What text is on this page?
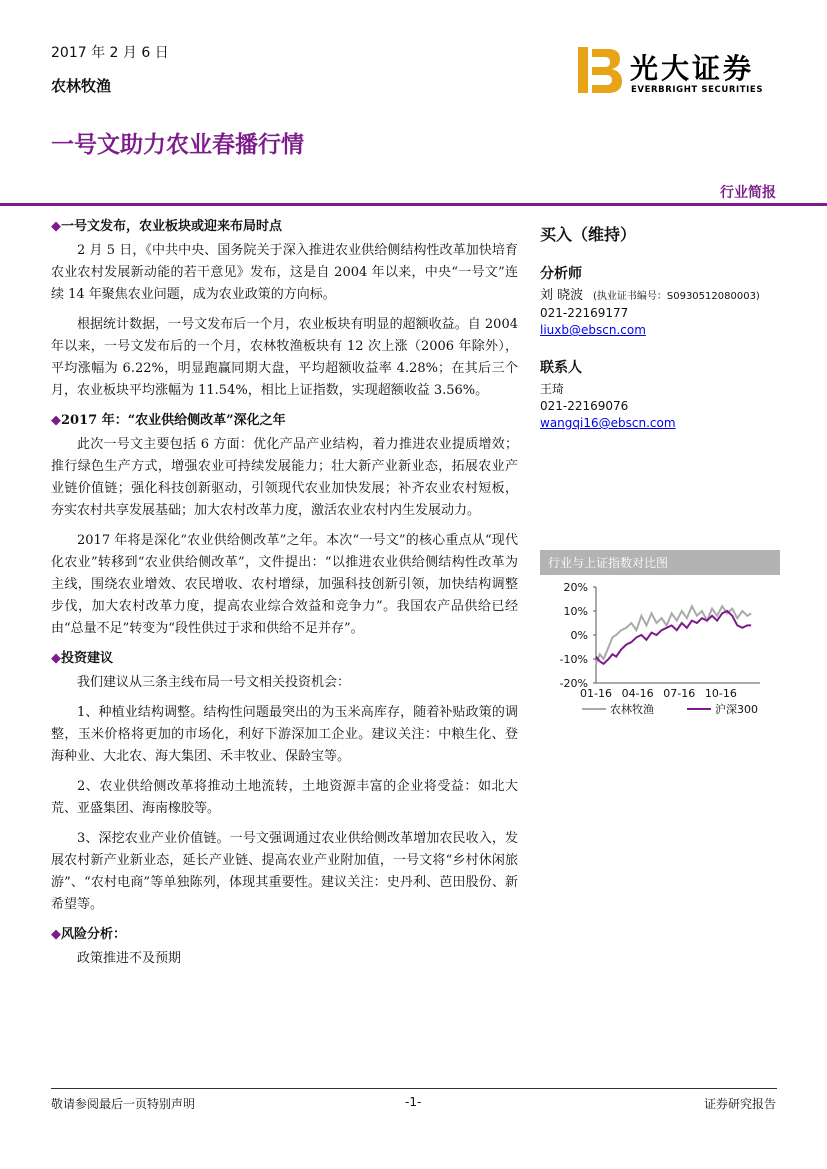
2017 年 2 月 6 日
农林牧渔
光大证券
EVERBRIGHT SECURITIES
一号文助力农业春播行情
行业简报
◆一号文发布，农业板块或迎来布局时点

2 月 5 日，《中共中央、国务院关于深入推进农业供给侧结构性改革加快培育农业农村发展新动能的若干意见》发布，这是自 2004 年以来，中央“一号文”连续 14 年聚焦农业问题，成为农业政策的方向标。

根据统计数据，一号文发布后一个月，农业板块有明显的超额收益。自 2004 年以来，一号文发布后的一个月，农林牧渔板块有 12 次上涨（2006 年除外），平均涨幅为 6.22%，明显跑赢同期大盘，平均超额收益率 4.28%；在其后三个月，农业板块平均涨幅为 11.54%，相比上证指数，实现超额收益 3.56%。

◆2017 年：“农业供给侧改革”深化之年

此次一号文主要包括 6 方面：优化产品产业结构，着力推进农业提质增效；推行绿色生产方式，增强农业可持续发展能力；壮大新产业新业态，拓展农业产业链价值链；强化科技创新驱动，引领现代农业加快发展；补齐农业农村短板，夯实农村共享发展基础；加大农村改革力度，激活农业农村内生发展动力。

2017 年将是深化“农业供给侧改革”之年。本次“一号文”的核心重点从“现代化农业”转移到“农业供给侧改革”，文件提出：“以推进农业供给侧结构性改革为主线，围绕农业增效、农民增收、农村增绿，加强科技创新引领，加快结构调整步伐，加大农村改革力度，提高农业综合效益和竞争力”。我国农产品供给已经由“总量不足”转变为“段性供过于求和供给不足并存”。

◆投资建议

我们建议从三条主线布局一号文相关投资机会：

1、种植业结构调整。结构性问题最突出的为玉米高库存，随着补贴政策的调整，玉米价格将更加的市场化，利好下游深加工企业。建议关注：中粮生化、登海种业、大北农、海大集团、禾丰牧业、保龄宝等。

2、农业供给侧改革将推动土地流转，土地资源丰富的企业将受益：如北大荒、亚盛集团、海南橡胶等。

3、深挖农业产业价值链。一号文强调通过农业供给侧改革增加农民收入，发展农村新产业新业态，延长产业链、提高农业产业附加值，一号文将“乡村休闲旅游”、“农村电商”等单独陈列，体现其重要性。建议关注：史丹利、芭田股份、新希望等。

◆风险分析：

政策推进不及预期

买入（维持）
分析师
刘 晓波 (执业证书编号：S0930512080003)
021-22169177
liuxb@ebscn.com
联系人
王琦
021-22169076
wangqi16@ebscn.com
行业与上证指数对比图
20%
10%
0%
-10%
-20%
01-16 04-16 07-16 10-16
农林牧渔	沪深300
敬请参阅最后一页特别声明	-1-	证券研究报告
